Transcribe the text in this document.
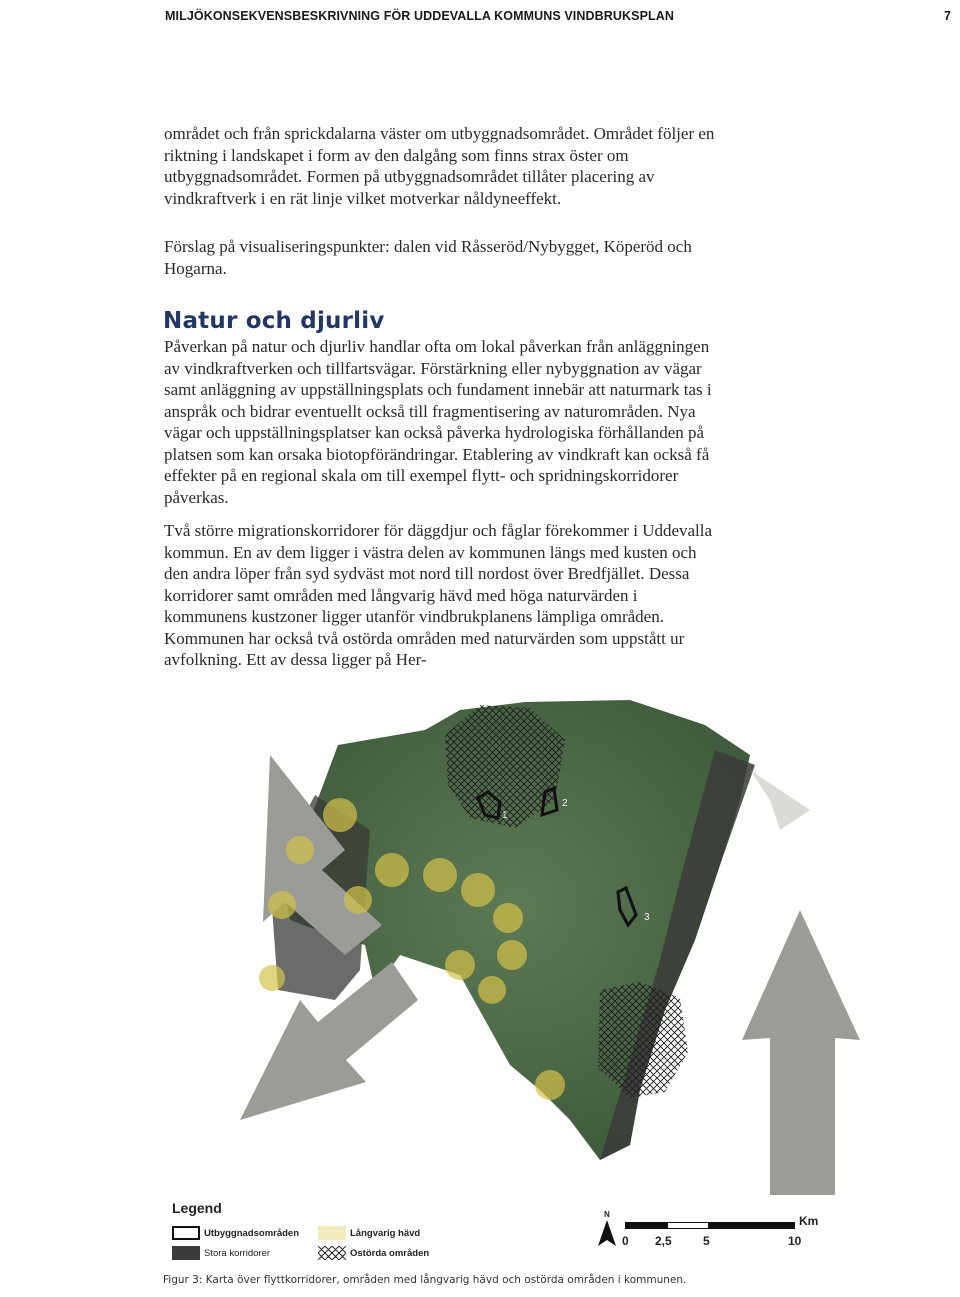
MILJÖKONSEKVENSBESKRIVNING FÖR UDDEVALLA KOMMUNS VINDBRUKSPLAN	7

området och från sprickdalarna väster om utbyggnadsområdet. Området följer en riktning i landskapet i form av den dalgång som finns strax öster om utbyggnadsområdet. Formen på utbyggnadsområdet tillåter placering av vindkraftverk i en rät linje vilket motverkar nåldyneeffekt.

Förslag på visualiseringspunkter: dalen vid Råsseröd/Nybygget, Köperöd och Hogarna.

Natur och djurliv

Påverkan på natur och djurliv handlar ofta om lokal påverkan från anläggningen av vindkraftverken och tillfartsvägar. Förstärkning eller nybyggnation av vägar samt anläggning av uppställningsplats och fundament innebär att naturmark tas i anspråk och bidrar eventuellt också till fragmentisering av naturområden. Nya vägar och uppställningsplatser kan också påverka hydrologiska förhållanden på platsen som kan orsaka biotopförändringar. Etablering av vindkraft kan också få effekter på en regional skala om till exempel flytt- och spridningskorridorer påverkas.

Två större migrationskorridorer för däggdjur och fåglar förekommer i Uddevalla kommun. En av dem ligger i västra delen av kommunen längs med kusten och den andra löper från syd sydväst mot nord till nordost över Bredfjället. Dessa korridorer samt områden med långvarig hävd med höga naturvärden i kommunens kustzoner ligger utanför vindbrukplanens lämpliga områden. Kommunen har också två ostörda områden med naturvärden som uppstått ur avfolkning. Ett av dessa ligger på Her-

1
2
3
Legend
Utbyggnadsområden
Stora korridorer
Långvarig hävd
Ostörda områden
N	Km
0 2,5	5	10
Figur 3: Karta över flyttkorridorer, områden med långvarig hävd och ostörda områden i kommunen.
